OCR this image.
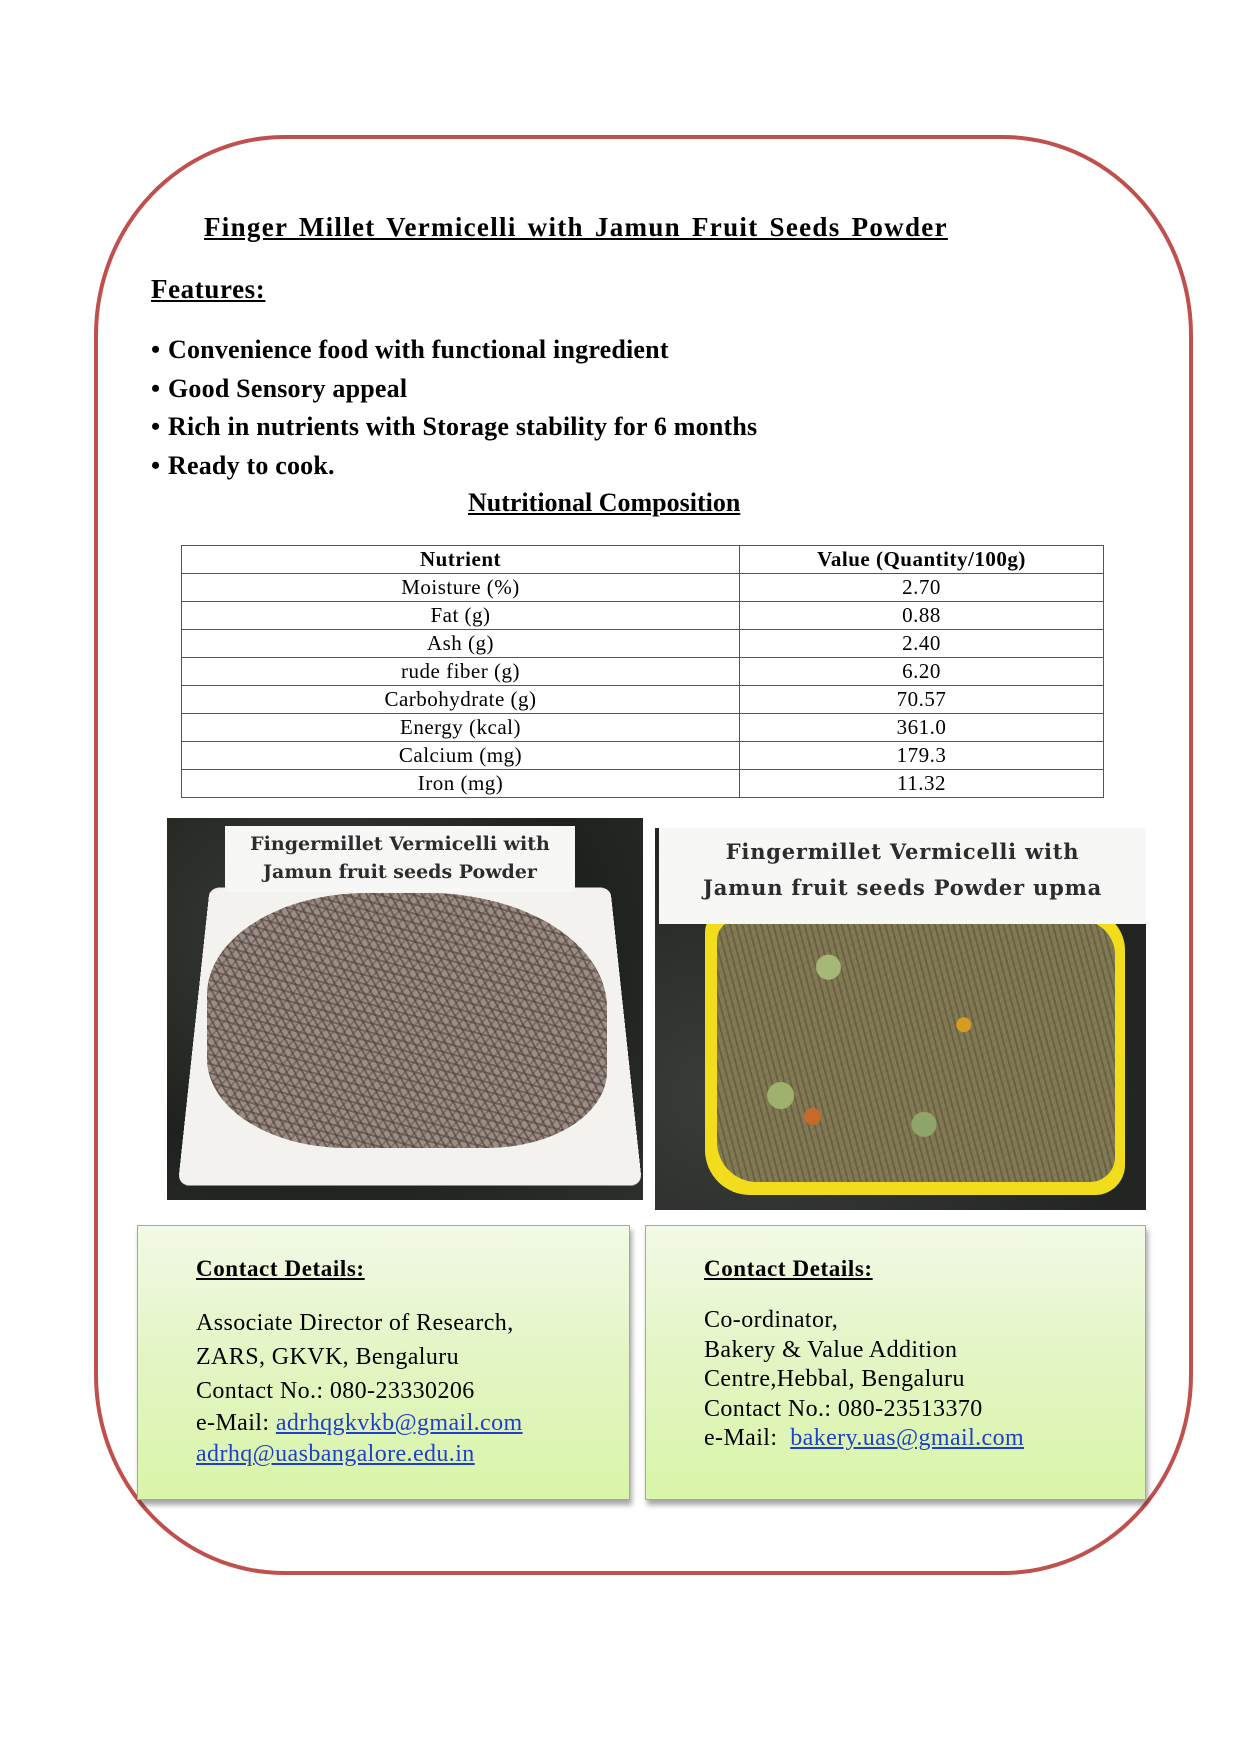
Finger Millet Vermicelli with Jamun Fruit Seeds Powder
Features:
• Convenience food with functional ingredient
• Good Sensory appeal
• Rich in nutrients with Storage stability for 6 months
• Ready to cook.
Nutritional Composition
Nutrient	Value (Quantity/100g)
Moisture (%)	2.70
Fat (g)	0.88
Ash (g)	2.40
rude fiber (g)	6.20
Carbohydrate (g)	70.57
Energy (kcal)	361.0
Calcium (mg)	179.3
Iron (mg)	11.32
Fingermillet Vermicelli with
Jamun fruit seeds Powder
Fingermillet Vermicelli with
Jamun fruit seeds Powder upma
Contact Details:
Associate Director of Research,
ZARS, GKVK, Bengaluru
Contact No.: 080-23330206
e-Mail: adrhqgkvkb@gmail.com
adrhq@uasbangalore.edu.in
Contact Details:
Co-ordinator,
Bakery & Value Addition
Centre,Hebbal, Bengaluru
Contact No.: 080-23513370
e-Mail:  bakery.uas@gmail.com
